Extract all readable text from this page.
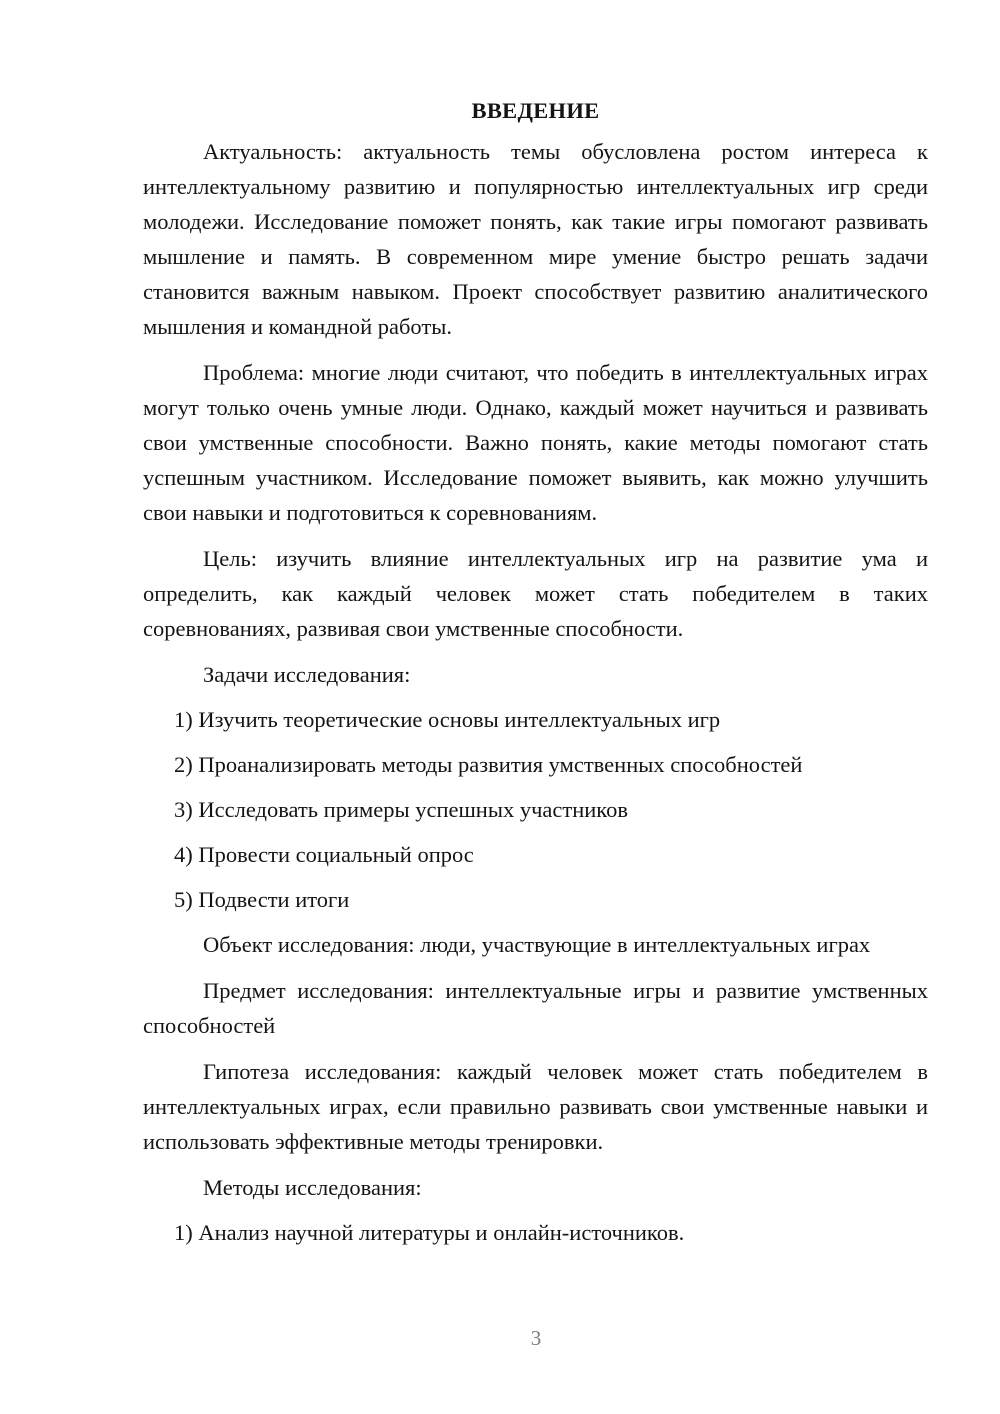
ВВЕДЕНИЕ

Актуальность: актуальность темы обусловлена ростом интереса к интеллектуальному развитию и популярностью интеллектуальных игр среди молодежи. Исследование поможет понять, как такие игры помогают развивать мышление и память. В современном мире умение быстро решать задачи становится важным навыком. Проект способствует развитию аналитического мышления и командной работы.

Проблема: многие люди считают, что победить в интеллектуальных играх могут только очень умные люди. Однако, каждый может научиться и развивать свои умственные способности. Важно понять, какие методы помогают стать успешным участником. Исследование поможет выявить, как можно улучшить свои навыки и подготовиться к соревнованиям.

Цель: изучить влияние интеллектуальных игр на развитие ума и определить, как каждый человек может стать победителем в таких соревнованиях, развивая свои умственные способности.

Задачи исследования:

1) Изучить теоретические основы интеллектуальных игр
2) Проанализировать методы развития умственных способностей
3) Исследовать примеры успешных участников
4) Провести социальный опрос
5) Подвести итоги

Объект исследования: люди, участвующие в интеллектуальных играх

Предмет исследования: интеллектуальные игры и развитие умственных способностей

Гипотеза исследования: каждый человек может стать победителем в интеллектуальных играх, если правильно развивать свои умственные навыки и использовать эффективные методы тренировки.

Методы исследования:

1) Анализ научной литературы и онлайн-источников.
3
